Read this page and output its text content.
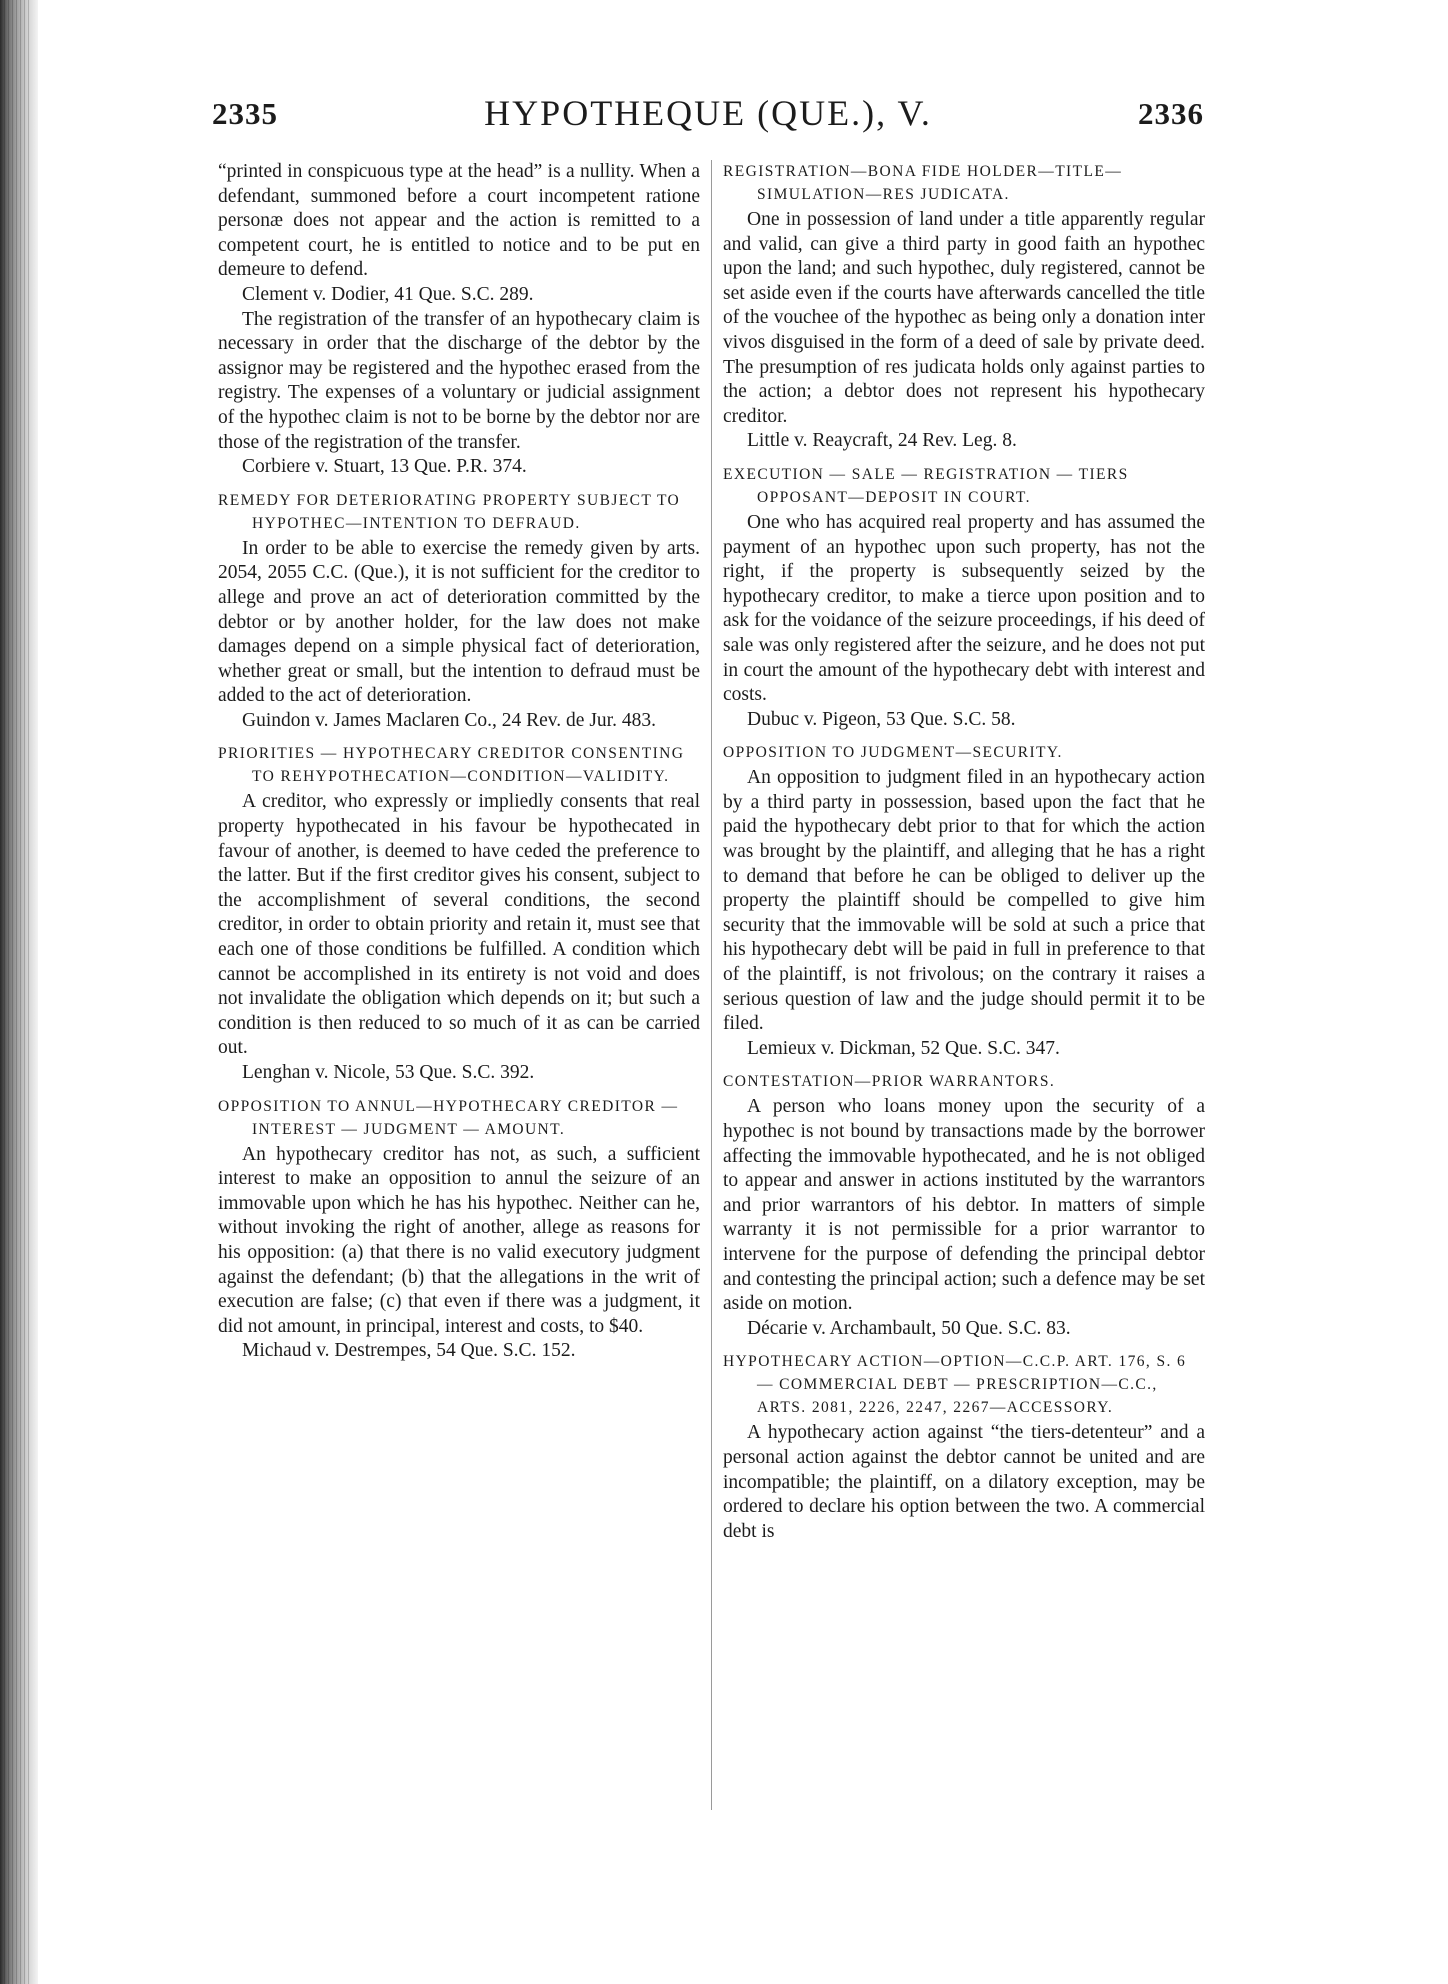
2335	HYPOTHEQUE (QUE.), V.	2336

“printed in conspicuous type at the head” is a nullity. When a defendant, summoned before a court incompetent ratione personæ does not appear and the action is remitted to a competent court, he is entitled to notice and to be put en demeure to defend.

Clement v. Dodier, 41 Que. S.C. 289.

The registration of the transfer of an hypothecary claim is necessary in order that the discharge of the debtor by the assignor may be registered and the hypothec erased from the registry. The expenses of a voluntary or judicial assignment of the hypothec claim is not to be borne by the debtor nor are those of the registration of the transfer.

Corbiere v. Stuart, 13 Que. P.R. 374.
REMEDY FOR DETERIORATING PROPERTY SUBJECT TO HYPOTHEC—INTENTION TO DEFRAUD.

In order to be able to exercise the remedy given by arts. 2054, 2055 C.C. (Que.), it is not sufficient for the creditor to allege and prove an act of deterioration committed by the debtor or by another holder, for the law does not make damages depend on a simple physical fact of deterioration, whether great or small, but the intention to defraud must be added to the act of deterioration.

Guindon v. James Maclaren Co., 24 Rev. de Jur. 483.
PRIORITIES — HYPOTHECARY CREDITOR CONSENTING TO REHYPOTHECATION—CONDITION—VALIDITY.

A creditor, who expressly or impliedly consents that real property hypothecated in his favour be hypothecated in favour of another, is deemed to have ceded the preference to the latter. But if the first creditor gives his consent, subject to the accomplishment of several conditions, the second creditor, in order to obtain priority and retain it, must see that each one of those conditions be fulfilled. A condition which cannot be accomplished in its entirety is not void and does not invalidate the obligation which depends on it; but such a condition is then reduced to so much of it as can be carried out.

Lenghan v. Nicole, 53 Que. S.C. 392.
OPPOSITION TO ANNUL—HYPOTHECARY CREDITOR — INTEREST — JUDGMENT — AMOUNT.

An hypothecary creditor has not, as such, a sufficient interest to make an opposition to annul the seizure of an immovable upon which he has his hypothec. Neither can he, without invoking the right of another, allege as reasons for his opposition: (a) that there is no valid executory judgment against the defendant; (b) that the allegations in the writ of execution are false; (c) that even if there was a judgment, it did not amount, in principal, interest and costs, to $40.

Michaud v. Destrempes, 54 Que. S.C. 152.
REGISTRATION—BONA FIDE HOLDER—TITLE—SIMULATION—RES JUDICATA.

One in possession of land under a title apparently regular and valid, can give a third party in good faith an hypothec upon the land; and such hypothec, duly registered, cannot be set aside even if the courts have afterwards cancelled the title of the vouchee of the hypothec as being only a donation inter vivos disguised in the form of a deed of sale by private deed. The presumption of res judicata holds only against parties to the action; a debtor does not represent his hypothecary creditor.

Little v. Reaycraft, 24 Rev. Leg. 8.
EXECUTION — SALE — REGISTRATION — TIERS OPPOSANT—DEPOSIT IN COURT.

One who has acquired real property and has assumed the payment of an hypothec upon such property, has not the right, if the property is subsequently seized by the hypothecary creditor, to make a tierce upon position and to ask for the voidance of the seizure proceedings, if his deed of sale was only registered after the seizure, and he does not put in court the amount of the hypothecary debt with interest and costs.

Dubuc v. Pigeon, 53 Que. S.C. 58.
OPPOSITION TO JUDGMENT—SECURITY.

An opposition to judgment filed in an hypothecary action by a third party in possession, based upon the fact that he paid the hypothecary debt prior to that for which the action was brought by the plaintiff, and alleging that he has a right to demand that before he can be obliged to deliver up the property the plaintiff should be compelled to give him security that the immovable will be sold at such a price that his hypothecary debt will be paid in full in preference to that of the plaintiff, is not frivolous; on the contrary it raises a serious question of law and the judge should permit it to be filed.

Lemieux v. Dickman, 52 Que. S.C. 347.
CONTESTATION—PRIOR WARRANTORS.

A person who loans money upon the security of a hypothec is not bound by transactions made by the borrower affecting the immovable hypothecated, and he is not obliged to appear and answer in actions instituted by the warrantors and prior warrantors of his debtor. In matters of simple warranty it is not permissible for a prior warrantor to intervene for the purpose of defending the principal debtor and contesting the principal action; such a defence may be set aside on motion.

Décarie v. Archambault, 50 Que. S.C. 83.
HYPOTHECARY ACTION—OPTION—C.C.P. ART. 176, S. 6 — COMMERCIAL DEBT — PRESCRIPTION—C.C., ARTS. 2081, 2226, 2247, 2267—ACCESSORY.

A hypothecary action against “the tiers-detenteur” and a personal action against the debtor cannot be united and are incompatible; the plaintiff, on a dilatory exception, may be ordered to declare his option between the two. A commercial debt is
